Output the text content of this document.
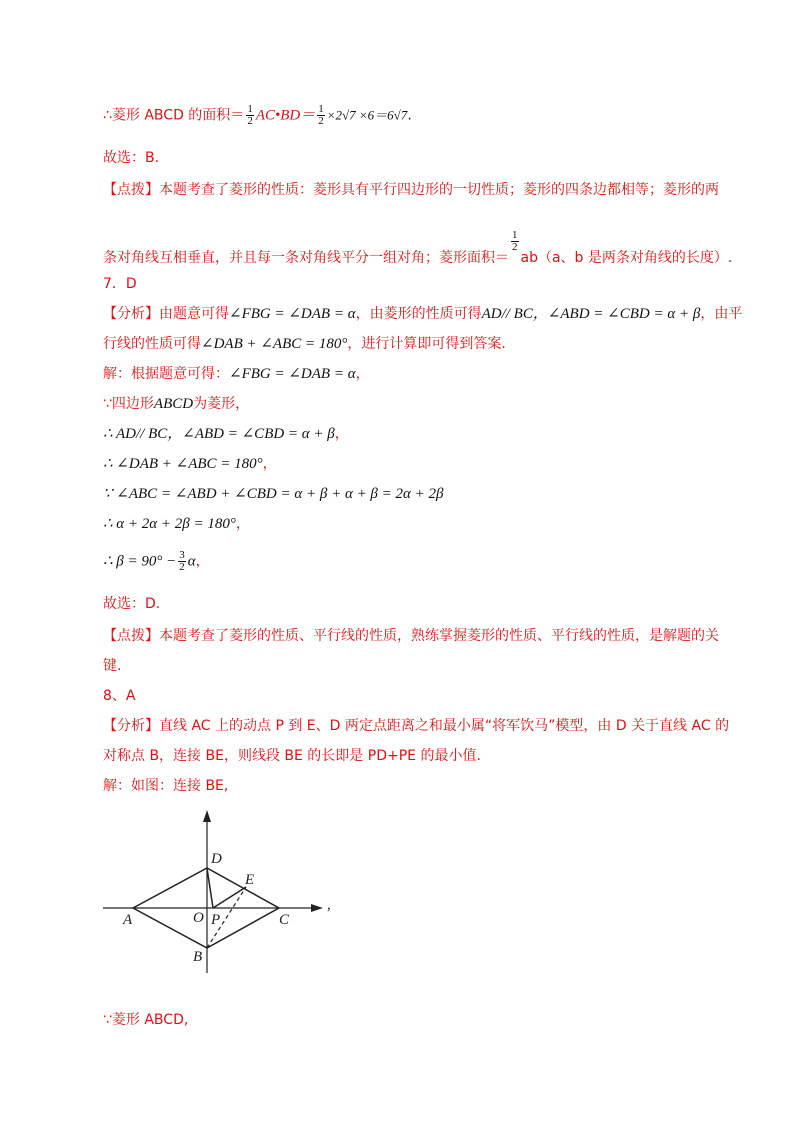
∴菱形 ABCD 的面积＝ $\frac{1}{2}$ AC•BD＝ $\frac{1}{2} \times 2√7 \times 6=6√7$.
故选：B.
【点拨】本题考查了菱形的性质：菱形具有平行四边形的一切性质；菱形的四条边都相等；菱形的两
条对角线互相垂直，并且每一条对角线平分一组对角；菱形面积＝
$\frac{1}{2}$
ab（a、b 是两条对角线的长度）.
7．D
【分析】由题意可得∠FBG = ∠DAB = α，由菱形的性质可得AD// BC，∠ABD = ∠CBD = α + β，由平
行线的性质可得∠DAB + ∠ABC = 180°，进行计算即可得到答案.
解：根据题意可得：∠FBG = ∠DAB = α，
∵四边形ABCD为菱形，
∴ AD// BC，∠ABD = ∠CBD = α + β，
∴ ∠DAB + ∠ABC = 180°，
∵ ∠ABC = ∠ABD + ∠CBD = α + β + α + β = 2α + 2β
∴ α + 2α + 2β = 180°，
∴ $\beta = 90^\circ - \frac{3}{2}$ α，
故选：D.
【点拨】本题考查了菱形的性质、平行线的性质，熟练掌握菱形的性质、平行线的性质，是解题的关
键.
8、A
【分析】直线 AC 上的动点 P 到 E、D 两定点距离之和最小属“将军饮马”模型，由 D 关于直线 AC 的
对称点 B，连接 BE，则线段 BE 的长即是 PD+PE 的最小值.
解：如图：连接 BE,
A	O P	C
D
E
B
,
∵菱形 ABCD,
